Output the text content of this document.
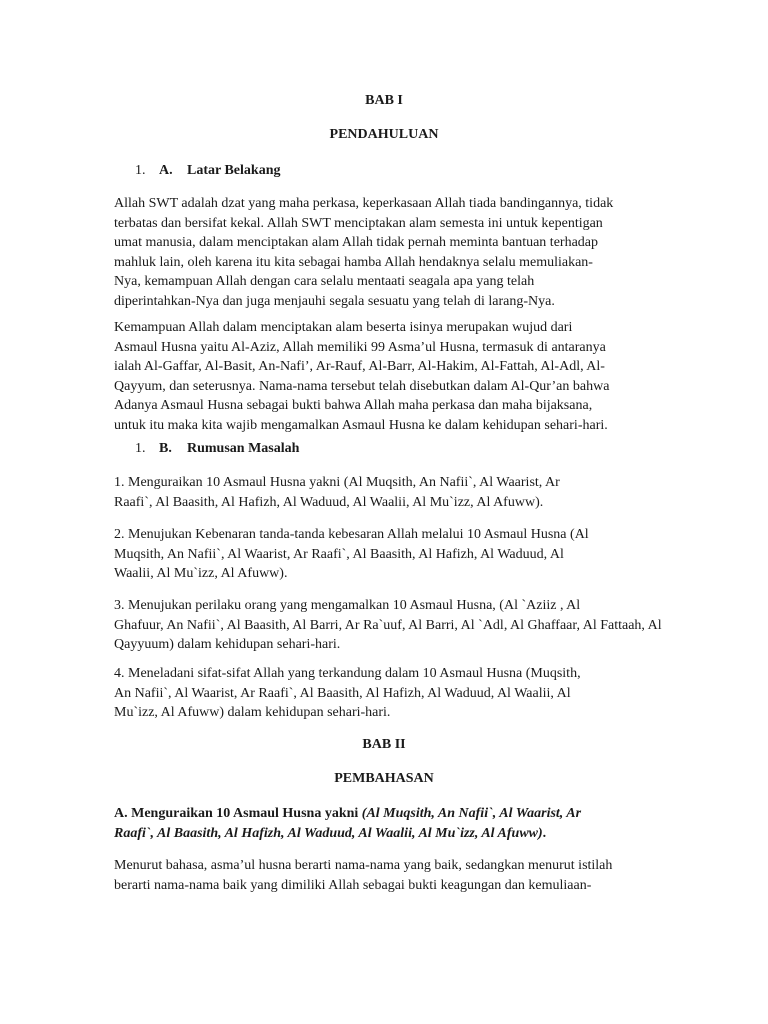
BAB I
PENDAHULUAN
1. A. Latar Belakang
Allah SWT adalah dzat yang maha perkasa, keperkasaan Allah tiada bandingannya, tidak
terbatas dan bersifat kekal. Allah SWT menciptakan alam semesta ini untuk kepentigan
umat manusia, dalam menciptakan alam Allah tidak pernah meminta bantuan terhadap
mahluk lain, oleh karena itu kita sebagai hamba Allah hendaknya selalu memuliakan-
Nya, kemampuan Allah dengan cara selalu mentaati seagala apa yang telah
diperintahkan-Nya dan juga menjauhi segala sesuatu yang telah di larang-Nya.
Kemampuan Allah dalam menciptakan alam beserta isinya merupakan wujud dari
Asmaul Husna yaitu Al-Aziz, Allah memiliki 99 Asma’ul Husna, termasuk di antaranya
ialah Al-Gaffar, Al-Basit, An-Nafi’, Ar-Rauf, Al-Barr, Al-Hakim, Al-Fattah, Al-Adl, Al-
Qayyum, dan seterusnya. Nama-nama tersebut telah disebutkan dalam Al-Qur’an bahwa
Adanya Asmaul Husna sebagai bukti bahwa Allah maha perkasa dan maha bijaksana,
untuk itu maka kita wajib mengamalkan Asmaul Husna ke dalam kehidupan sehari-hari.
1. B. Rumusan Masalah
1. Menguraikan 10 Asmaul Husna yakni (Al Muqsith, An Nafii`, Al Waarist, Ar
Raafi`, Al Baasith, Al Hafizh, Al Waduud, Al Waalii, Al Mu`izz, Al Afuww).
2. Menujukan Kebenaran tanda-tanda kebesaran Allah melalui 10 Asmaul Husna (Al
Muqsith, An Nafii`, Al Waarist, Ar Raafi`, Al Baasith, Al Hafizh, Al Waduud, Al
Waalii, Al Mu`izz, Al Afuww).
3. Menujukan perilaku orang yang mengamalkan 10 Asmaul Husna, (Al `Aziiz , Al
Ghafuur, An Nafii`, Al Baasith, Al Barri, Ar Ra`uuf, Al Barri, Al `Adl, Al Ghaffaar, Al Fattaah, Al
Qayyuum) dalam kehidupan sehari-hari.
4. Meneladani sifat-sifat Allah yang terkandung dalam 10 Asmaul Husna (Muqsith,
An Nafii`, Al Waarist, Ar Raafi`, Al Baasith, Al Hafizh, Al Waduud, Al Waalii, Al
Mu`izz, Al Afuww) dalam kehidupan sehari-hari.
BAB II
PEMBAHASAN
A. Menguraikan 10 Asmaul Husna yakni (Al Muqsith, An Nafii`, Al Waarist, Ar
Raafi`, Al Baasith, Al Hafizh, Al Waduud, Al Waalii, Al Mu`izz, Al Afuww).
Menurut bahasa, asma’ul husna berarti nama-nama yang baik, sedangkan menurut istilah
berarti nama-nama baik yang dimiliki Allah sebagai bukti keagungan dan kemuliaan-
